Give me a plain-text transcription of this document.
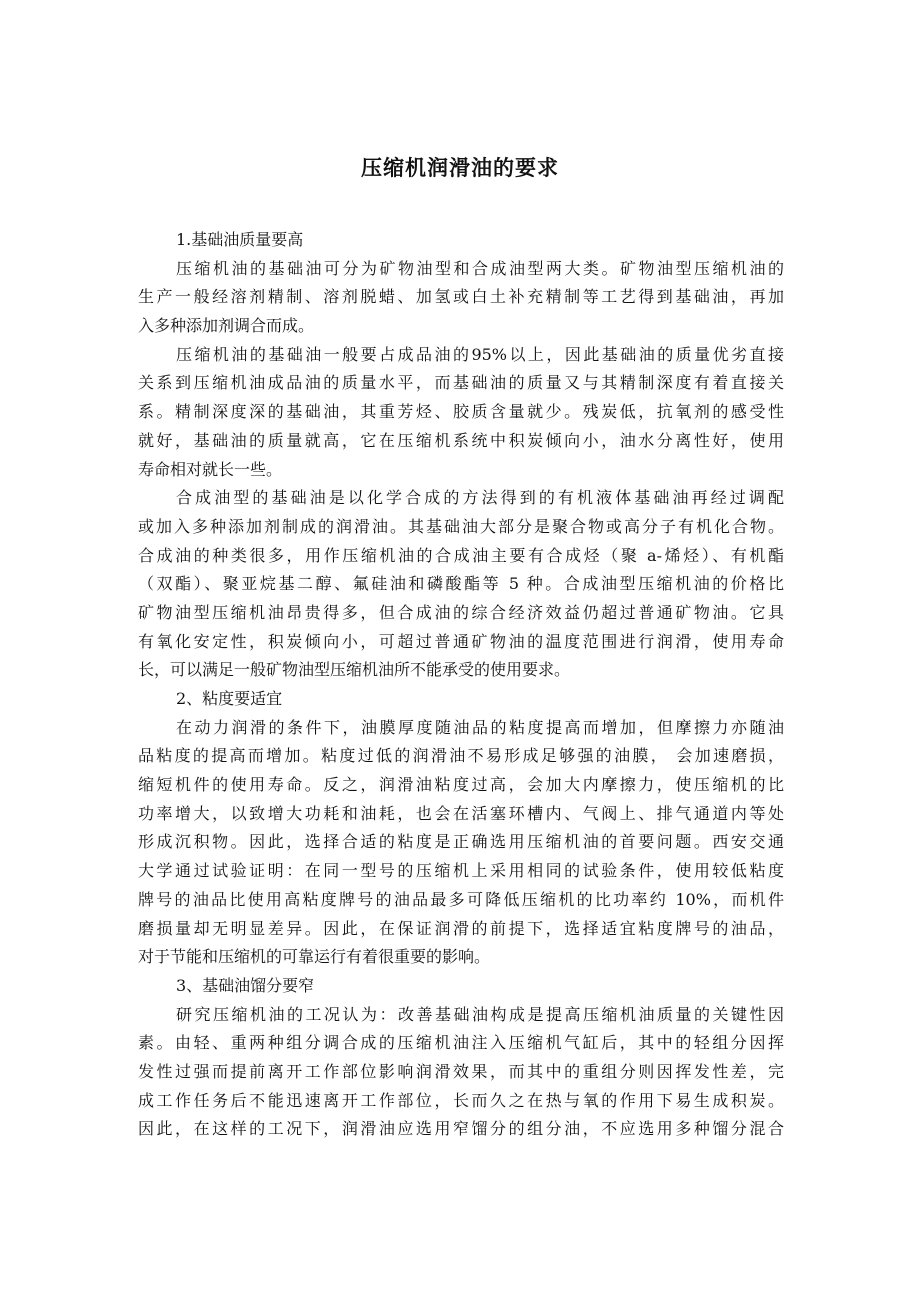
压缩机润滑油的要求
1.基础油质量要高
压缩机油的基础油可分为矿物油型和合成油型两大类。矿物油型压缩机油的
生产一般经溶剂精制、溶剂脱蜡、加氢或白土补充精制等工艺得到基础油，再加
入多种添加剂调合而成。
压缩机油的基础油一般要占成品油的95%以上，因此基础油的质量优劣直接
关系到压缩机油成品油的质量水平，而基础油的质量又与其精制深度有着直接关
系。精制深度深的基础油，其重芳烃、胶质含量就少。残炭低，抗氧剂的感受性
就好，基础油的质量就高，它在压缩机系统中积炭倾向小，油水分离性好，使用
寿命相对就长一些。
合成油型的基础油是以化学合成的方法得到的有机液体基础油再经过调配
或加入多种添加剂制成的润滑油。其基础油大部分是聚合物或高分子有机化合物。
合成油的种类很多，用作压缩机油的合成油主要有合成烃（聚 a-烯烃）、有机酯
（双酯）、聚亚烷基二醇、氟硅油和磷酸酯等 5 种。合成油型压缩机油的价格比
矿物油型压缩机油昂贵得多，但合成油的综合经济效益仍超过普通矿物油。它具
有氧化安定性，积炭倾向小，可超过普通矿物油的温度范围进行润滑，使用寿命
长，可以满足一般矿物油型压缩机油所不能承受的使用要求。
2、粘度要适宜
在动力润滑的条件下，油膜厚度随油品的粘度提高而增加，但摩擦力亦随油
品粘度的提高而增加。粘度过低的润滑油不易形成足够强的油膜， 会加速磨损，
缩短机件的使用寿命。反之，润滑油粘度过高，会加大内摩擦力，使压缩机的比
功率增大，以致增大功耗和油耗，也会在活塞环槽内、气阀上、排气通道内等处
形成沉积物。因此，选择合适的粘度是正确选用压缩机油的首要问题。西安交通
大学通过试验证明：在同一型号的压缩机上采用相同的试验条件，使用较低粘度
牌号的油品比使用高粘度牌号的油品最多可降低压缩机的比功率约 10%，而机件
磨损量却无明显差异。因此，在保证润滑的前提下，选择适宜粘度牌号的油品，
对于节能和压缩机的可靠运行有着很重要的影响。
3、基础油馏分要窄
研究压缩机油的工况认为：改善基础油构成是提高压缩机油质量的关键性因
素。由轻、重两种组分调合成的压缩机油注入压缩机气缸后，其中的轻组分因挥
发性过强而提前离开工作部位影响润滑效果，而其中的重组分则因挥发性差，完
成工作任务后不能迅速离开工作部位，长而久之在热与氧的作用下易生成积炭。
因此，在这样的工况下，润滑油应选用窄馏分的组分油，不应选用多种馏分混合
